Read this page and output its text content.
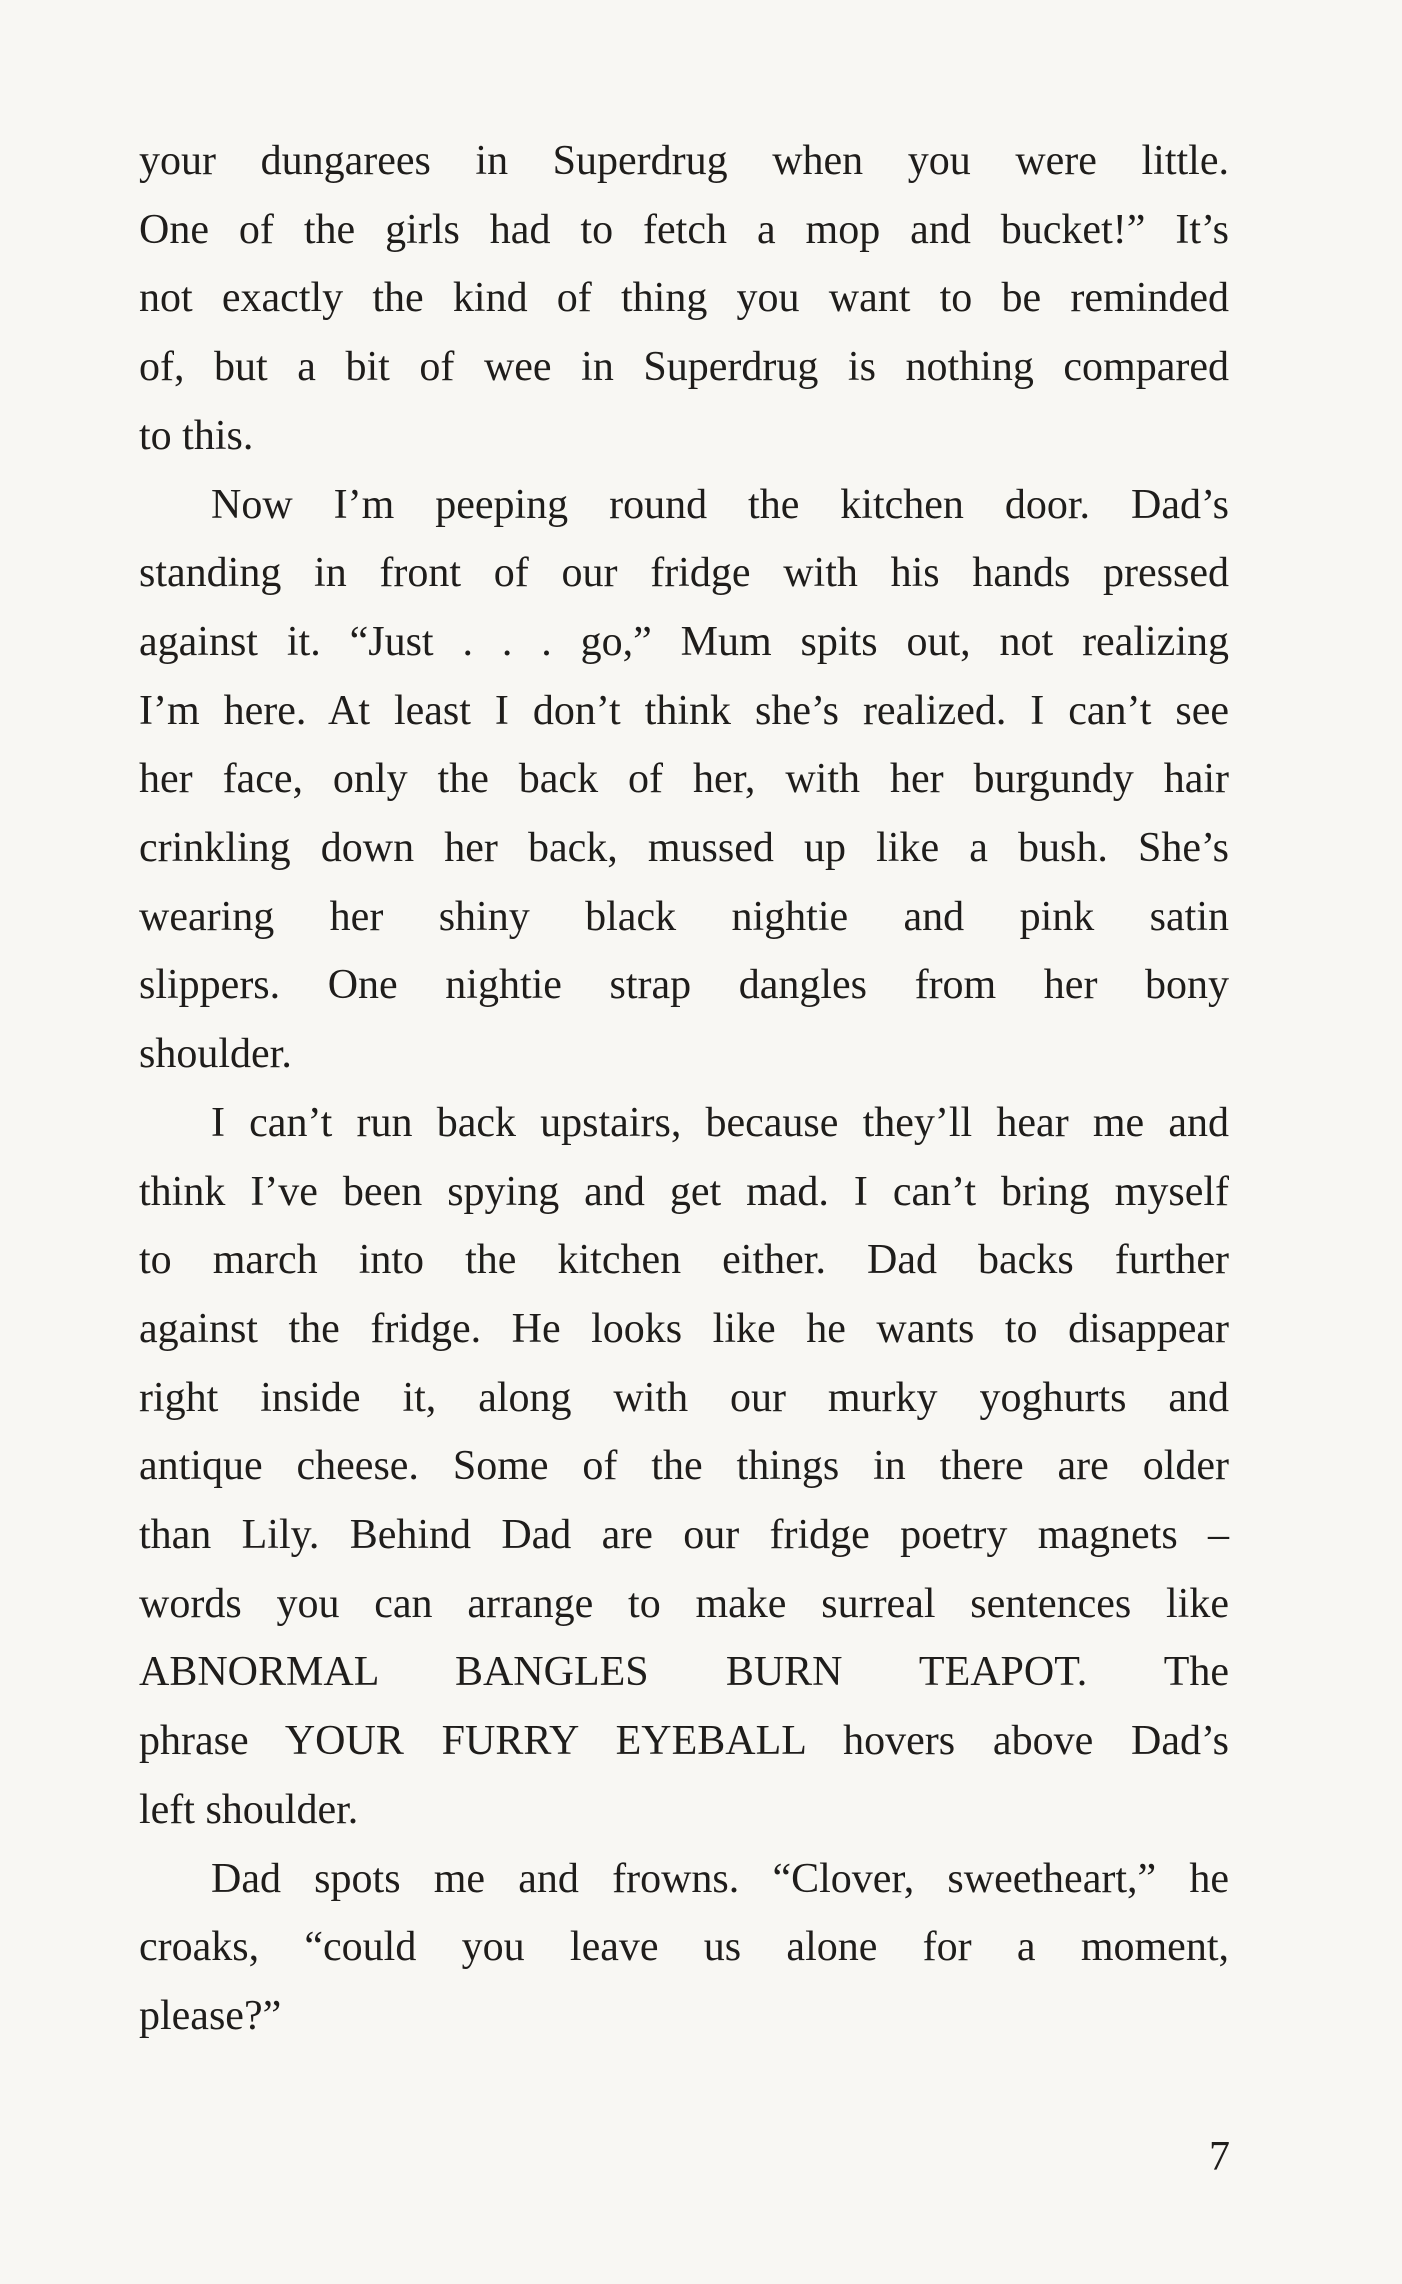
your dungarees in Superdrug when you were little.
One of the girls had to fetch a mop and bucket!” It’s
not exactly the kind of thing you want to be reminded
of, but a bit of wee in Superdrug is nothing compared
to this.
Now I’m peeping round the kitchen door. Dad’s
standing in front of our fridge with his hands pressed
against it. “Just . . . go,” Mum spits out, not realizing
I’m here. At least I don’t think she’s realized. I can’t see
her face, only the back of her, with her burgundy hair
crinkling down her back, mussed up like a bush. She’s
wearing her shiny black nightie and pink satin
slippers. One nightie strap dangles from her bony
shoulder.
I can’t run back upstairs, because they’ll hear me and
think I’ve been spying and get mad. I can’t bring myself
to march into the kitchen either. Dad backs further
against the fridge. He looks like he wants to disappear
right inside it, along with our murky yoghurts and
antique cheese. Some of the things in there are older
than Lily. Behind Dad are our fridge poetry magnets –
words you can arrange to make surreal sentences like
ABNORMAL BANGLES BURN TEAPOT. The
phrase YOUR FURRY EYEBALL hovers above Dad’s
left shoulder.
Dad spots me and frowns. “Clover, sweetheart,” he
croaks, “could you leave us alone for a moment,
please?”
7
